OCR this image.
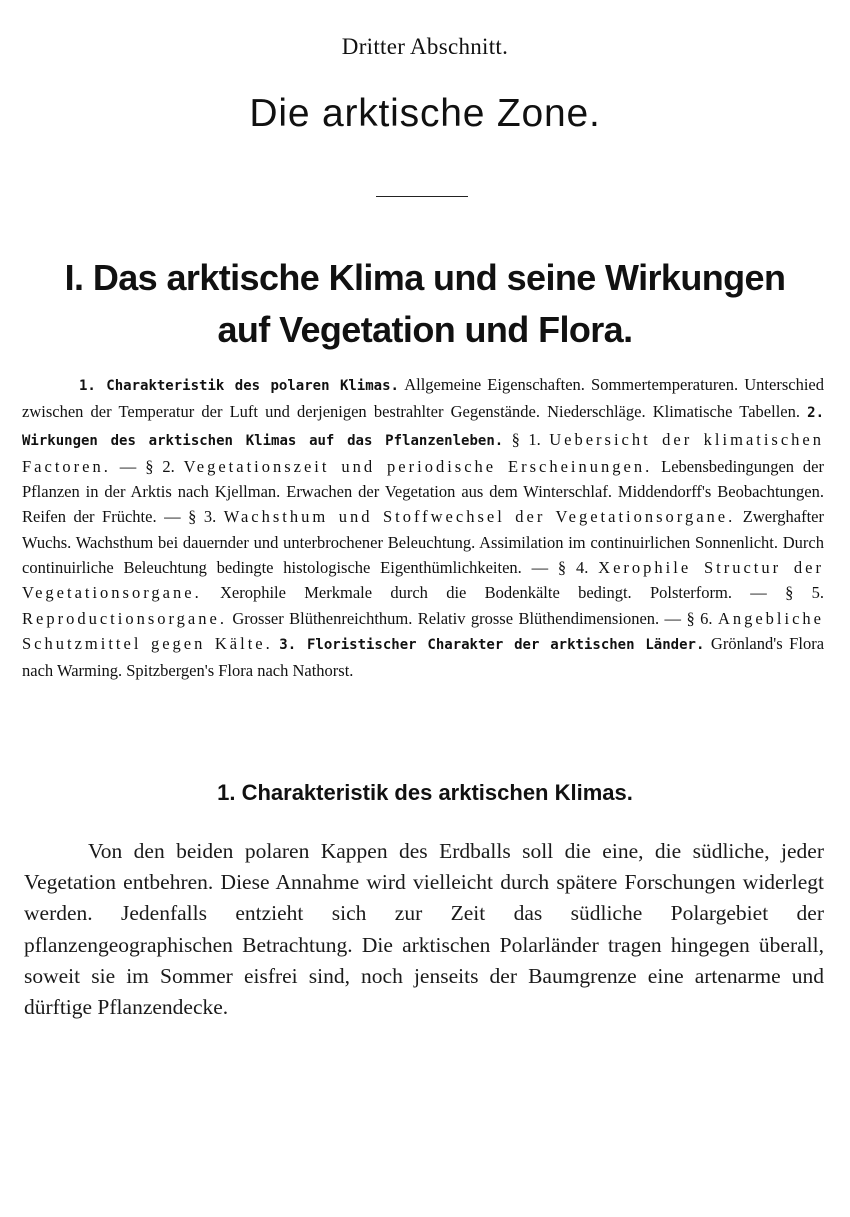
Dritter Abschnitt.
Die arktische Zone.
I. Das arktische Klima und seine Wirkungen
auf Vegetation und Flora.
1. Charakteristik des polaren Klimas. Allgemeine Eigenschaften. Sommertemperaturen. Unterschied zwischen der Temperatur der Luft und derjenigen bestrahlter Gegenstände. Niederschläge. Klimatische Tabellen. 2. Wirkungen des arktischen Klimas auf das Pflanzenleben. § 1. Uebersicht der klimatischen Factoren. — § 2. Vegetationszeit und periodische Erscheinungen. Lebensbedingungen der Pflanzen in der Arktis nach Kjellman. Erwachen der Vegetation aus dem Winterschlaf. Middendorff's Beobachtungen. Reifen der Früchte. — § 3. Wachsthum und Stoffwechsel der Vegetationsorgane. Zwerghafter Wuchs. Wachsthum bei dauernder und unterbrochener Beleuchtung. Assimilation im continuirlichen Sonnenlicht. Durch continuirliche Beleuchtung bedingte histologische Eigenthümlichkeiten. — § 4. Xerophile Structur der Vegetationsorgane. Xerophile Merkmale durch die Bodenkälte bedingt. Polsterform. — § 5. Reproductionsorgane. Grosser Blüthenreichthum. Relativ grosse Blüthendimensionen. — § 6. Angebliche Schutzmittel gegen Kälte. 3. Floristischer Charakter der arktischen Länder. Grönland's Flora nach Warming. Spitzbergen's Flora nach Nathorst.
1. Charakteristik des arktischen Klimas.
Von den beiden polaren Kappen des Erdballs soll die eine, die südliche, jeder Vegetation entbehren. Diese Annahme wird vielleicht durch spätere Forschungen widerlegt werden. Jedenfalls entzieht sich zur Zeit das südliche Polargebiet der pflanzengeographischen Betrachtung. Die arktischen Polarländer tragen hingegen überall, soweit sie im Sommer eisfrei sind, noch jenseits der Baumgrenze eine artenarme und dürftige Pflanzendecke.
